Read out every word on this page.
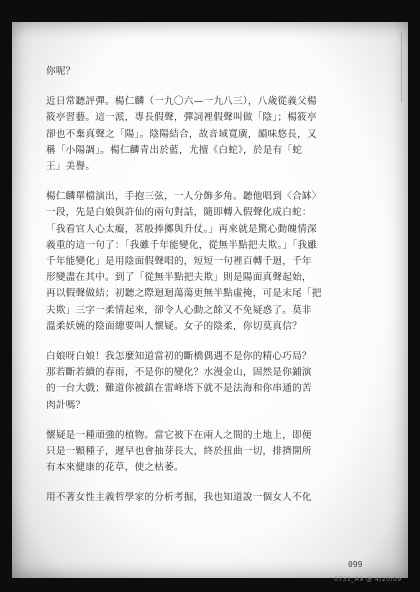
你呢？

近日常聽評彈。楊仁麟（一九〇六—一九八三），八歲從義父楊
筱亭習藝。這一派，專長假聲，彈詞裡假聲叫做「陰」；楊筱亭
卻也不棄真聲之「陽」。陰陽結合，故音域寬廣，韻味悠長，又
稱「小陽調」。楊仁麟青出於藍，尤擅《白蛇》，於是有「蛇
王」美譽。

楊仁麟單檔演出，手抱三弦，一人分飾多角。聽他唱到〈合缽〉
一段，先是白娘與許仙的兩句對話，隨即轉入假聲化成白蛇：
「我看官人心太癡，茗般捧擲與升仗。」再來就是驚心動魄情深
義重的這一句了：「我雖千年能變化，從無半點把夫欺。」「我雖
千年能變化」是用陰面假聲唱的，短短一句裡百轉千迴，千年
形變盡在其中。到了「從無半點把夫欺」則是陽面真聲起始，
再以假聲做結；初聽之際迴迴蕩蕩更無半點虛掩，可是末尾「把
夫欺」三字一柔情起來，卻令人心動之餘又不免疑惑了。莫非
溫柔妖嬈的陰面總要叫人懷疑。女子的陰柔，你切莫真信？

白娘呀白娘！我怎麼知道當初的斷橋偶遇不是你的精心巧局？
那若斷若續的春雨，不是你的變化？水漫金山，固然是你鋪演
的一台大戲；難道你被鎮在雷峰塔下就不是法海和你串通的苦
肉計嗎？

懷疑是一種頑強的植物。當它被下在兩人之間的土地上，即便
只是一顆種子，遲早也會抽芽長大，終於扭曲一切，排擠開所
有本來健康的花草，使之枯萎。

用不著女性主義哲學家的分析考掘，我也知道說一個女人不化

099
0731_A9 @ 4/20/09
